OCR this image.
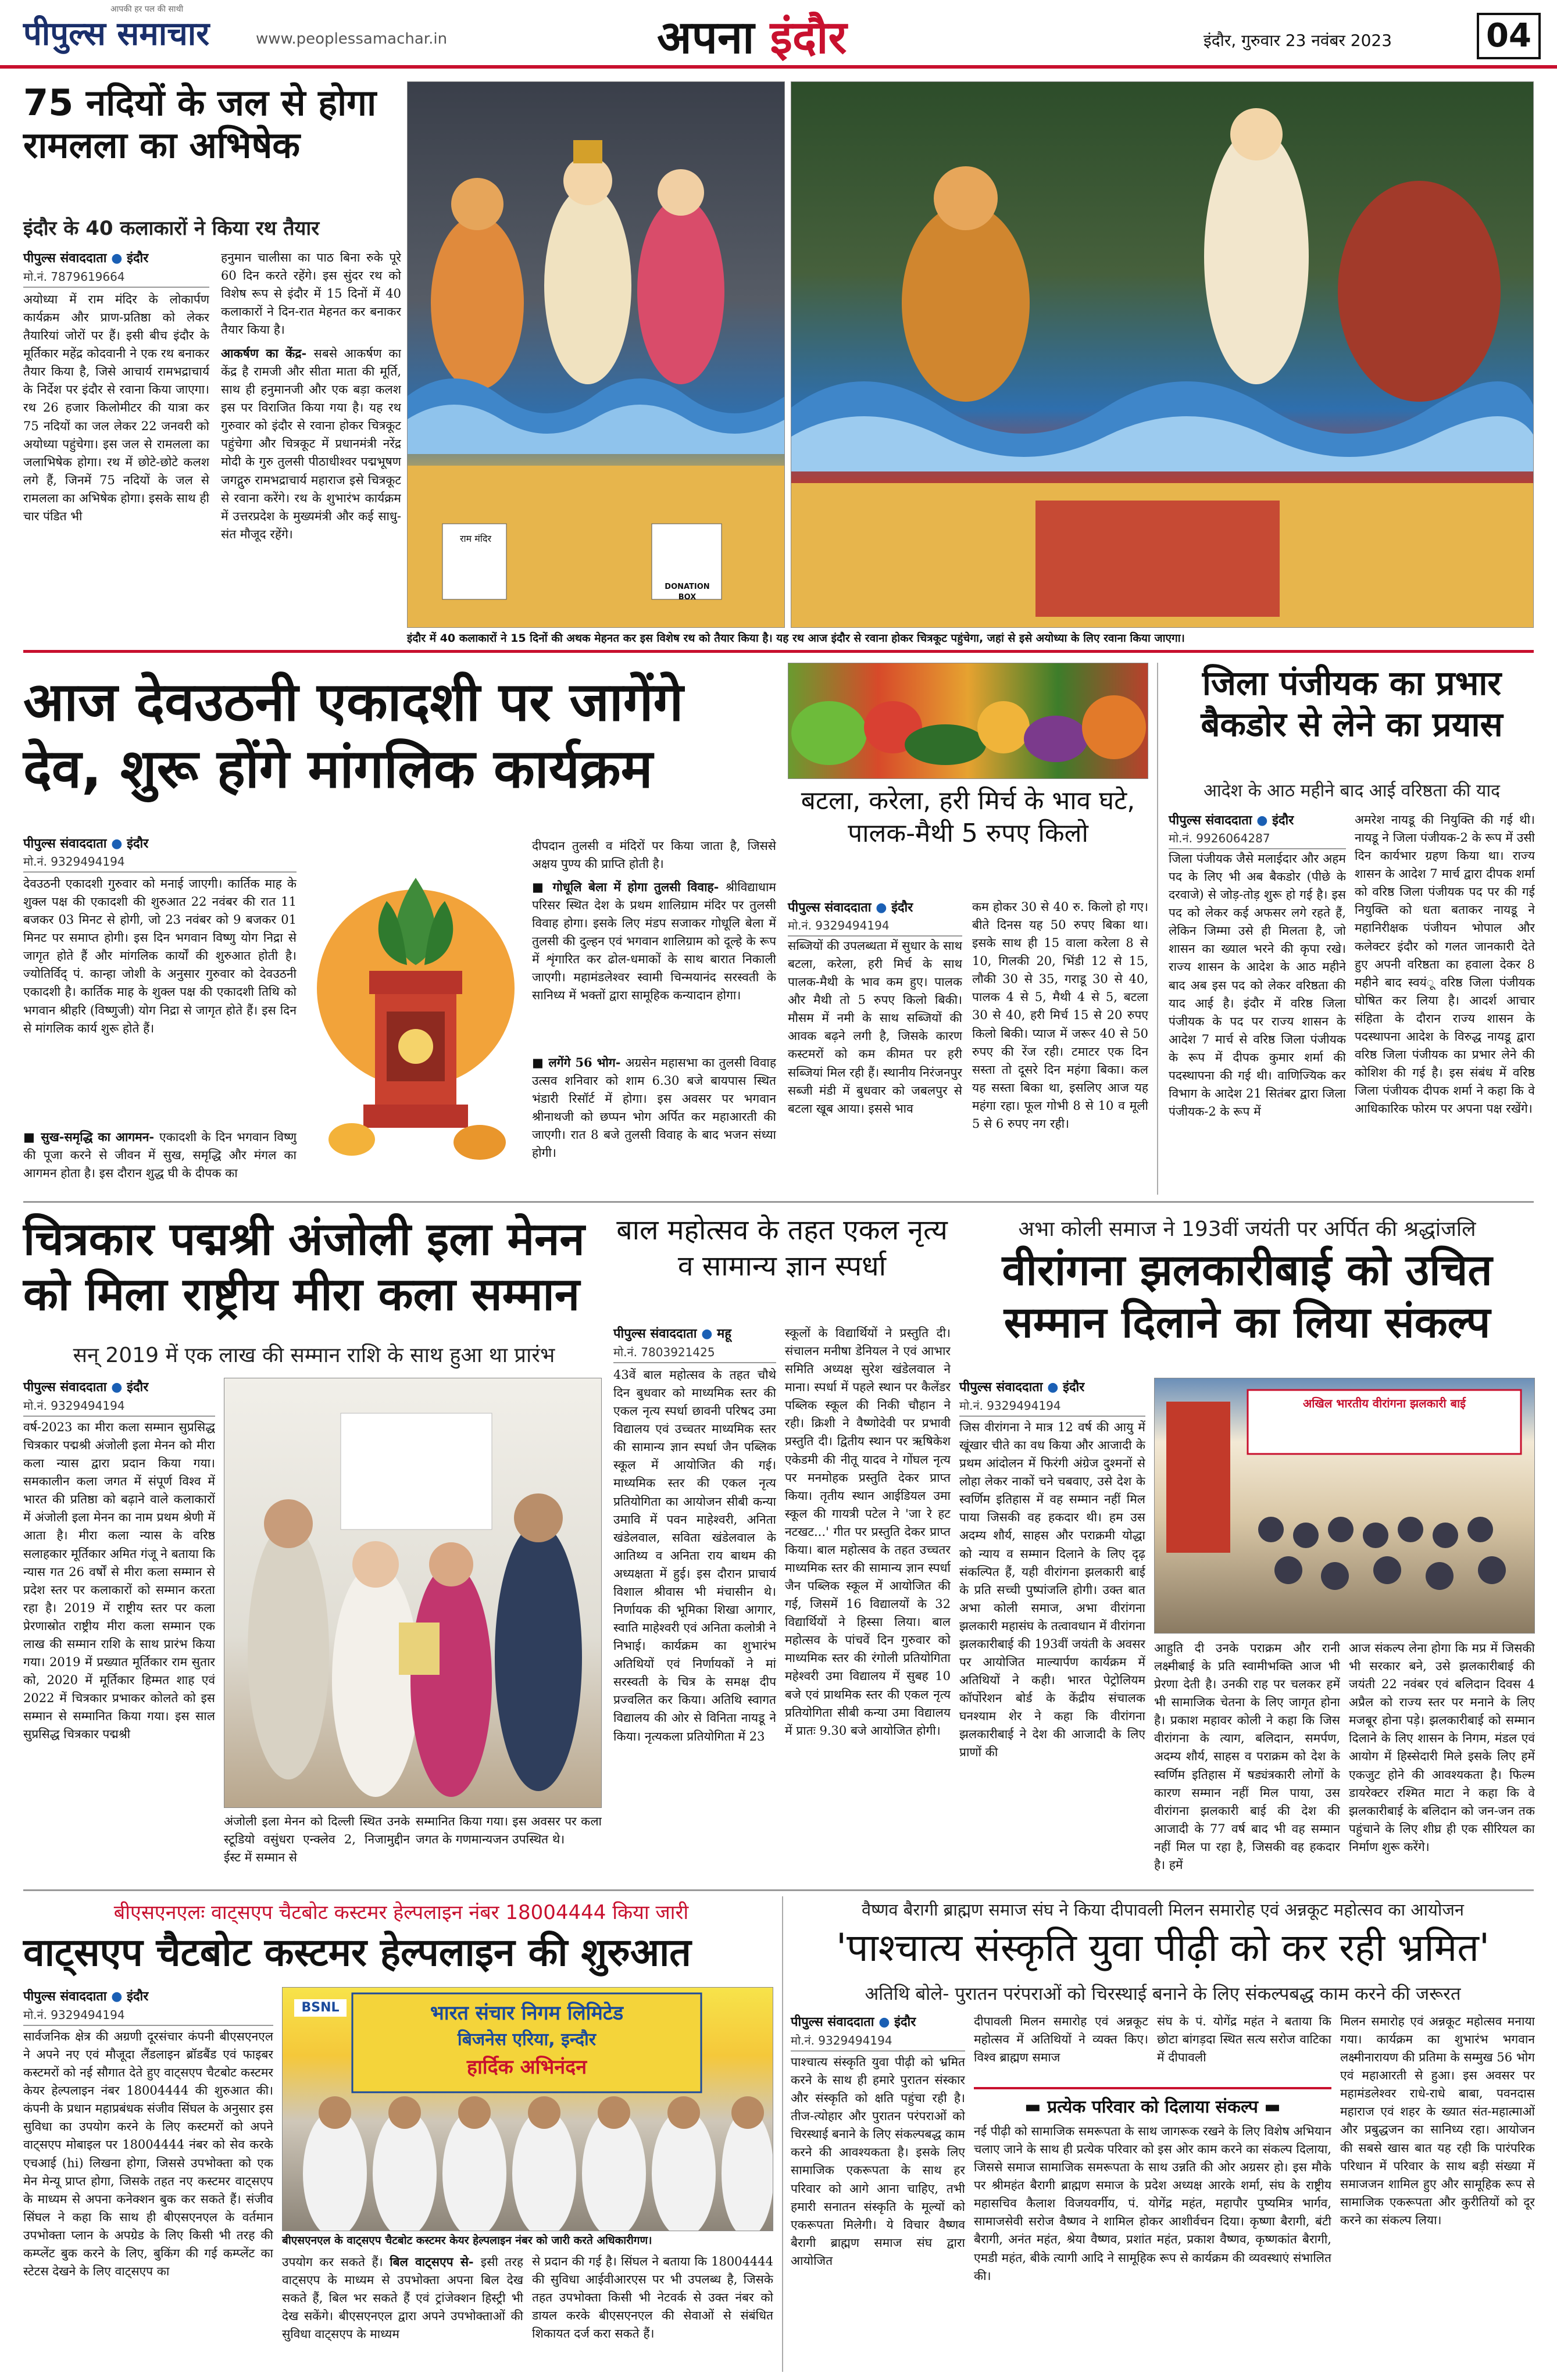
पीपुल्स समाचार
आपकी हर पल की साथी
www.peoplessamachar.in	अपना इंदौर	इंदौर, गुरुवार 23 नवंबर 2023	04
75 नदियों के जल से होगा रामलला का अभिषेक
इंदौर के 40 कलाकारों ने किया रथ तैयार
पीपुल्स संवाददाता ● इंदौर
मो.नं. 7879619664
अयोध्या में राम मंदिर के लोकार्पण कार्यक्रम और प्राण-प्रतिष्ठा को लेकर तैयारियां जोरों पर हैं। इसी बीच इंदौर के मूर्तिकार महेंद्र कोदवानी ने एक रथ बनाकर तैयार किया है, जिसे आचार्य रामभद्राचार्य के निर्देश पर इंदौर से रवाना किया जाएगा। रथ 26 हजार किलोमीटर की यात्रा कर 75 नदियों का जल लेकर 22 जनवरी को अयोध्या पहुंचेगा। इस जल से रामलला का जलाभिषेक होगा। रथ में छोटे-छोटे कलश लगे हैं, जिनमें 75 नदियों के जल से रामलला का अभिषेक होगा। इसके साथ ही चार पंडित भी
हनुमान चालीसा का पाठ बिना रुके पूरे 60 दिन करते रहेंगे। इस सुंदर रथ को विशेष रूप से इंदौर में 15 दिनों में 40 कलाकारों ने दिन-रात मेहनत कर बनाकर तैयार किया है।
आकर्षण का केंद्र- सबसे आकर्षण का केंद्र है रामजी और सीता माता की मूर्ति, साथ ही हनुमानजी और एक बड़ा कलश इस पर विराजित किया गया है। यह रथ गुरुवार को इंदौर से रवाना होकर चित्रकूट पहुंचेगा और चित्रकूट में प्रधानमंत्री नरेंद्र मोदी के गुरु तुलसी पीठाधीश्वर पद्मभूषण जगद्गुरु रामभद्राचार्य महाराज इसे चित्रकूट से रवाना करेंगे। रथ के शुभारंभ कार्यक्रम में उत्तरप्रदेश के मुख्यमंत्री और कई साधु-संत मौजूद रहेंगे।	राम मंदिर
DONATION BOX
इंदौर में 40 कलाकारों ने 15 दिनों की अथक मेहनत कर इस विशेष रथ को तैयार किया है। यह रथ आज इंदौर से रवाना होकर चित्रकूट पहुंचेगा, जहां से इसे अयोध्या के लिए रवाना किया जाएगा।
आज देवउठनी एकादशी पर जागेंगे देव, शुरू होंगे मांगलिक कार्यक्रम
पीपुल्स संवाददाता ● इंदौर
मो.नं. 9329494194
देवउठनी एकादशी गुरुवार को मनाई जाएगी। कार्तिक माह के शुक्ल पक्ष की एकादशी की शुरुआत 22 नवंबर की रात 11 बजकर 03 मिनट से होगी, जो 23 नवंबर को 9 बजकर 01 मिनट पर समाप्त होगी। इस दिन भगवान विष्णु योग निद्रा से जागृत होते हैं और मांगलिक कार्यों की शुरुआत होती है। ज्योतिर्विद् पं. कान्हा जोशी के अनुसार गुरुवार को देवउठनी एकादशी है। कार्तिक माह के शुक्ल पक्ष की एकादशी तिथि को भगवान श्रीहरि (विष्णुजी) योग निद्रा से जागृत होते हैं। इस दिन से मांगलिक कार्य शुरू होते हैं।
■ सुख-समृद्धि का आगमन- एकादशी के दिन भगवान विष्णु की पूजा करने से जीवन में सुख, समृद्धि और मंगल का आगमन होता है। इस दौरान शुद्ध घी के दीपक का
दीपदान तुलसी व मंदिरों पर किया जाता है, जिससे अक्षय पुण्य की प्राप्ति होती है।
■ गोधूलि बेला में होगा तुलसी विवाह- श्रीविद्याधाम परिसर स्थित देश के प्रथम शालिग्राम मंदिर पर तुलसी विवाह होगा। इसके लिए मंडप सजाकर गोधूलि बेला में तुलसी की दुल्हन एवं भगवान शालिग्राम को दूल्हे के रूप में शृंगारित कर ढोल-धमाकों के साथ बारात निकाली जाएगी। महामंडलेश्वर स्वामी चिन्मयानंद सरस्वती के सानिध्य में भक्तों द्वारा सामूहिक कन्यादान होगा।
■ लगेंगे 56 भोग- अग्रसेन महासभा का तुलसी विवाह उत्सव शनिवार को शाम 6.30 बजे बायपास स्थित भंडारी रिसॉर्ट में होगा। इस अवसर पर भगवान श्रीनाथजी को छप्पन भोग अर्पित कर महाआरती की जाएगी। रात 8 बजे तुलसी विवाह के बाद भजन संध्या होगी।
बटला, करेला, हरी मिर्च के भाव घटे, पालक-मैथी 5 रुपए किलो
पीपुल्स संवाददाता ● इंदौर
मो.नं. 9329494194
सब्जियों की उपलब्धता में सुधार के साथ बटला, करेला, हरी मिर्च के साथ पालक-मैथी के भाव कम हुए। पालक और मैथी तो 5 रुपए किलो बिकी। मौसम में नमी के साथ सब्जियों की आवक बढ़ने लगी है, जिसके कारण कस्टमरों को कम कीमत पर हरी सब्जियां मिल रही हैं। स्थानीय निरंजनपुर सब्जी मंडी में बुधवार को जबलपुर से बटला खूब आया। इससे भाव
कम होकर 30 से 40 रु. किलो हो गए। बीते दिनस यह 50 रुपए बिका था। इसके साथ ही 15 वाला करेला 8 से 10, गिलकी 20, भिंडी 12 से 15, लौकी 30 से 35, गराडू 30 से 40, पालक 4 से 5, मैथी 4 से 5, बटला 30 से 40, हरी मिर्च 15 से 20 रुपए किलो बिकी। प्याज में जरूर 40 से 50 रुपए की रेंज रही। टमाटर एक दिन सस्ता तो दूसरे दिन महंगा बिका। कल यह सस्ता बिका था, इसलिए आज यह महंगा रहा। फूल गोभी 8 से 10 व मूली 5 से 6 रुपए नग रही।
जिला पंजीयक का प्रभार बैकडोर से लेने का प्रयास
आदेश के आठ महीने बाद आई वरिष्ठता की याद
पीपुल्स संवाददाता ● इंदौर
मो.नं. 9926064287
जिला पंजीयक जैसे मलाईदार और अहम पद के लिए भी अब बैकडोर (पीछे के दरवाजे) से जोड़-तोड़ शुरू हो गई है। इस पद को लेकर कई अफसर लगे रहते हैं, लेकिन जिम्मा उसे ही मिलता है, जो शासन का ख्याल भरने की कृपा रखे। राज्य शासन के आदेश के आठ महीने बाद अब इस पद को लेकर वरिष्ठता की याद आई है। इंदौर में वरिष्ठ जिला पंजीयक के पद पर राज्य शासन के आदेश 7 मार्च से वरिष्ठ जिला पंजीयक के रूप में दीपक कुमार शर्मा की पदस्थापना की गई थी। वाणिज्यिक कर विभाग के आदेश 21 सितंबर द्वारा जिला पंजीयक-2 के रूप में
अमरेश नायडू की नियुक्ति की गई थी। नायडू ने जिला पंजीयक-2 के रूप में उसी दिन कार्यभार ग्रहण किया था। राज्य शासन के आदेश 7 मार्च द्वारा दीपक शर्मा को वरिष्ठ जिला पंजीयक पद पर की गई नियुक्ति को धता बताकर नायडू ने महानिरीक्षक पंजीयन भोपाल और कलेक्टर इंदौर को गलत जानकारी देते हुए अपनी वरिष्ठता का हवाला देकर 8 महीने बाद स्वयं‍ू वरिष्ठ जिला पंजीयक घोषित कर लिया है। आदर्श आचार संहिता के दौरान राज्य शासन के पदस्थापना आदेश के विरुद्ध नायडू द्वारा वरिष्ठ जिला पंजीयक का प्रभार लेने की कोशिश की गई है। इस संबंध में वरिष्ठ जिला पंजीयक दीपक शर्मा ने कहा कि वे आधिकारिक फोरम पर अपना पक्ष रखेंगे।
चित्रकार पद्मश्री अंजोली इला मेनन को मिला राष्ट्रीय मीरा कला सम्मान
सन् 2019 में एक लाख की सम्मान राशि के साथ हुआ था प्रारंभ
पीपुल्स संवाददाता ● इंदौर
मो.नं. 9329494194
वर्ष-2023 का मीरा कला सम्मान सुप्रसिद्ध चित्रकार पद्मश्री अंजोली इला मेनन को मीरा कला न्यास द्वारा प्रदान किया गया। समकालीन कला जगत में संपूर्ण विश्व में भारत की प्रतिष्ठा को बढ़ाने वाले कलाकारों में अंजोली इला मेनन का नाम प्रथम श्रेणी में आता है। मीरा कला न्यास के वरिष्ठ सलाहकार मूर्तिकार अमित गंजू ने बताया कि न्यास गत 26 वर्षों से मीरा कला सम्मान से प्रदेश स्तर पर कलाकारों को सम्मान करता रहा है। 2019 में राष्ट्रीय स्तर पर कला प्रेरणास्रोत राष्ट्रीय मीरा कला सम्मान एक लाख की सम्मान राशि के साथ प्रारंभ किया गया। 2019 में प्रख्यात मूर्तिकार राम सुतार को, 2020 में मूर्तिकार हिम्मत शाह एवं 2022 में चित्रकार प्रभाकर कोलते को इस सम्मान से सम्मानित किया गया। इस साल सुप्रसिद्ध चित्रकार पद्मश्री
अंजोली इला मेनन को दिल्ली स्थित उनके स्टूडियो वसुंधरा एन्क्लेव 2, निजामुद्दीन ईस्ट में सम्मान से
सम्मानित किया गया। इस अवसर पर कला जगत के गणमान्यजन उपस्थित थे।
बाल महोत्सव के तहत एकल नृत्य व सामान्य ज्ञान स्पर्धा
पीपुल्स संवाददाता ● महू
मो.नं. 7803921425
43वें बाल महोत्सव के तहत चौथे दिन बुधवार को माध्यमिक स्तर की एकल नृत्य स्पर्धा छावनी परिषद उमा विद्यालय एवं उच्चतर माध्यमिक स्तर की सामान्य ज्ञान स्पर्धा जैन पब्लिक स्कूल में आयोजित की गई। माध्यमिक स्तर की एकल नृत्य प्रतियोगिता का आयोजन सीबी कन्या उमावि में पवन माहेश्वरी, अनिता खंडेलवाल, सविता खंडेलवाल के आतिथ्य व अनिता राय बाथम की अध्यक्षता में हुई। इस दौरान प्राचार्य विशाल श्रीवास भी मंचासीन थे। निर्णायक की भूमिका शिखा आगार, स्वाति माहेश्वरी एवं अनिता कलोत्री ने निभाई। कार्यक्रम का शुभारंभ अतिथियों एवं निर्णायकों ने मां सरस्वती के चित्र के समक्ष दीप प्रज्वलित कर किया। अतिथि स्वागत विद्यालय की ओर से विनिता नायडू ने किया। नृत्यकला प्रतियोगिता में 23
स्कूलों के विद्यार्थियों ने प्रस्तुति दी। संचालन मनीषा डेनियल ने एवं आभार समिति अध्यक्ष सुरेश खंडेलवाल ने माना। स्पर्धा में पहले स्थान पर कैलेंडर पब्लिक स्कूल की निकी चौहान ने रही। क्रिशी ने वैष्णोदेवी पर प्रभावी प्रस्तुति दी। द्वितीय स्थान पर ऋषिकेश एकेडमी की नीतू यादव ने गोंघल नृत्य पर मनमोहक प्रस्तुति देकर प्राप्त किया। तृतीय स्थान आईडियल उमा स्कूल की गायत्री पटेल ने 'जा रे हट नटखट...' गीत पर प्रस्तुति देकर प्राप्त किया। बाल महोत्सव के तहत उच्चतर माध्यमिक स्तर की सामान्य ज्ञान स्पर्धा जैन पब्लिक स्कूल में आयोजित की गई, जिसमें 16 विद्यालयों के 32 विद्यार्थियों ने हिस्सा लिया। बाल महोत्सव के पांचवें दिन गुरुवार को माध्यमिक स्तर की रंगोली प्रतियोगिता महेश्वरी उमा विद्यालय में सुबह 10 बजे एवं प्राथमिक स्तर की एकल नृत्य प्रतियोगिता सीबी कन्या उमा विद्यालय में प्रातः 9.30 बजे आयोजित होगी।
अभा कोली समाज ने 193वीं जयंती पर अर्पित की श्रद्धांजलि
वीरांगना झलकारीबाई को उचित सम्मान दिलाने का लिया संकल्प
पीपुल्स संवाददाता ● इंदौर
मो.नं. 9329494194
जिस वीरांगना ने मात्र 12 वर्ष की आयु में खूंखार चीते का वध किया और आजादी के प्रथम आंदोलन में फिरंगी अंग्रेज दुश्मनों से लोहा लेकर नाकों चने चबवाए, उसे देश के स्वर्णिम इतिहास में वह सम्मान नहीं मिल पाया जिसकी वह हकदार थी। हम उस अदम्य शौर्य, साहस और पराक्रमी योद्धा को न्याय व सम्मान दिलाने के लिए दृढ़ संकल्पित हैं, यही वीरांगना झलकारी बाई के प्रति सच्ची पुष्पांजलि होगी। उक्त बात अभा कोली समाज, अभा वीरांगना झलकारी महासंघ के तत्वावधान में वीरांगना झलकारीबाई की 193वीं जयंती के अवसर पर आयोजित माल्यार्पण कार्यक्रम में अतिथियों ने कही। भारत पेट्रोलियम कॉर्पोरेशन बोर्ड के केंद्रीय संचालक घनश्याम शेर ने कहा कि वीरांगना झलकारीबाई ने देश की आजादी के लिए प्राणों की
अखिल भारतीय वीरांगना झलकारी बाई
आहुति दी उनके पराक्रम और रानी लक्ष्मीबाई के प्रति स्वामीभक्ति आज भी प्रेरणा देती है। उनकी राह पर चलकर हमें भी सामाजिक चेतना के लिए जागृत होना है। प्रकाश महावर कोली ने कहा कि जिस वीरांगना के त्याग, बलिदान, समर्पण, अदम्य शौर्य, साहस व पराक्रम को देश के स्वर्णिम इतिहास में षड्यंत्रकारी लोगों के कारण सम्मान नहीं मिल पाया, उस वीरांगना झलकारी बाई की देश की आजादी के 77 वर्ष बाद भी वह सम्मान नहीं मिल पा रहा है, जिसकी वह हकदार है। हमें
आज संकल्प लेना होगा कि मप्र में जिसकी भी सरकार बने, उसे झलकारीबाई की जयंती 22 नवंबर एवं बलिदान दिवस 4 अप्रैल को राज्य स्तर पर मनाने के लिए मजबूर होना पड़े। झलकारीबाई को सम्मान दिलाने के लिए शासन के निगम, मंडल एवं आयोग में हिस्सेदारी मिले इसके लिए हमें एकजुट होने की आवश्यकता है। फिल्म डायरेक्टर रश्मित माटा ने कहा कि वे झलकारीबाई के बलिदान को जन-जन तक पहुंचाने के लिए शीघ्र ही एक सीरियल का निर्माण शुरू करेंगे।
बीएसएनएलः वाट्सएप चैटबोट कस्टमर हेल्पलाइन नंबर 18004444 किया जारी
वाट्सएप चैटबोट कस्टमर हेल्पलाइन की शुरुआत
पीपुल्स संवाददाता ● इंदौर
मो.नं. 9329494194
सार्वजनिक क्षेत्र की अग्रणी दूरसंचार कंपनी बीएसएनएल ने अपने नए एवं मौजूदा लैंडलाइन ब्रॉडबैंड एवं फाइबर कस्टमरों को नई सौगात देते हुए वाट्सएप चैटबोट कस्टमर केयर हेल्पलाइन नंबर 18004444 की शुरुआत की। कंपनी के प्रधान महाप्रबंधक संजीव सिंघल के अनुसार इस सुविधा का उपयोग करने के लिए कस्टमरों को अपने वाट्सएप मोबाइल पर 18004444 नंबर को सेव करके एचआई (hi) लिखना होगा, जिससे उपभोक्ता को एक मेन मेन्यू प्राप्त होगा, जिसके तहत नए कस्टमर वाट्सएप के माध्यम से अपना कनेक्शन बुक कर सकते हैं। संजीव सिंघल ने कहा कि साथ ही बीएसएनएल के वर्तमान उपभोक्ता प्लान के अपग्रेड के लिए किसी भी तरह की कम्प्लेंट बुक करने के लिए, बुकिंग की गई कम्प्लेंट का स्टेटस देखने के लिए वाट्सएप का
BSNL	भारत संचार निगम लिमिटेड
बिजनेस एरिया, इन्दौर
हार्दिक अभिनंदन
बीएसएनएल के वाट्सएप चैटबोट कस्टमर केयर हेल्पलाइन नंबर को जारी करते अधिकारीगण।
उपयोग कर सकते हैं। बिल वाट्सएप से- इसी तरह वाट्सएप के माध्यम से उपभोक्ता अपना बिल देख सकते हैं, बिल भर सकते हैं एवं ट्रांजेक्शन हिस्ट्री भी देख सकेंगे। बीएसएनएल द्वारा अपने उपभोक्ताओं की सुविधा वाट्सएप के माध्यम
से प्रदान की गई है। सिंघल ने बताया कि 18004444 की सुविधा आईवीआरएस पर भी उपलब्ध है, जिसके तहत उपभोक्ता किसी भी नेटवर्क से उक्त नंबर को डायल करके बीएसएनएल की सेवाओं से संबंधित शिकायत दर्ज करा सकते हैं।
वैष्णव बैरागी ब्राह्मण समाज संघ ने किया दीपावली मिलन समारोह एवं अन्नकूट महोत्सव का आयोजन
'पाश्चात्य संस्कृति युवा पीढ़ी को कर रही भ्रमित'
अतिथि बोले- पुरातन परंपराओं को चिरस्थाई बनाने के लिए संकल्पबद्ध काम करने की जरूरत
पीपुल्स संवाददाता ● इंदौर
मो.नं. 9329494194
पाश्चात्य संस्कृति युवा पीढ़ी को भ्रमित करने के साथ ही हमारे पुरातन संस्कार और संस्कृति को क्षति पहुंचा रही है। तीज-त्योहार और पुरातन परंपराओं को चिरस्थाई बनाने के लिए संकल्पबद्ध काम करने की आवश्यकता है। इसके लिए सामाजिक एकरूपता के साथ हर परिवार को आगे आना चाहिए, तभी हमारी सनातन संस्कृति के मूल्यों को एकरूपता मिलेगी। ये विचार वैष्णव बैरागी ब्राह्मण समाज संघ द्वारा आयोजित
दीपावली मिलन समारोह एवं अन्नकूट महोत्सव में अतिथियों ने व्यक्त किए। विश्व ब्राह्मण समाज
संघ के पं. योगेंद्र महंत ने बताया कि छोटा बांगड़दा स्थित सत्य सरोज वाटिका में दीपावली
▬ प्रत्येक परिवार को दिलाया संकल्प ▬
नई पीढ़ी को सामाजिक समरूपता के साथ जागरूक रखने के लिए विशेष अभियान चलाए जाने के साथ ही प्रत्येक परिवार को इस ओर काम करने का संकल्प दिलाया, जिससे समाज सामाजिक समरूपता के साथ उन्नति की ओर अग्रसर हो। इस मौके पर श्रीमहंत बैरागी ब्राह्मण समाज के प्रदेश अध्यक्ष आरके शर्मा, संघ के राष्ट्रीय महासचिव कैलाश विजयवर्गीय, पं. योगेंद्र महंत, महापौर पुष्यमित्र भार्गव, सामाजसेवी सरोज वैष्णव ने शामिल होकर आशीर्वचन दिया। कृष्णा बैरागी, बंटी बैरागी, अनंत महंत, श्रेया वैष्णव, प्रशांत महंत, प्रकाश वैष्णव, कृष्णकांत बैरागी, एमडी महंत, बीके त्यागी आदि ने सामूहिक रूप से कार्यक्रम की व्यवस्थाएं संभालित की।
मिलन समारोह एवं अन्नकूट महोत्सव मनाया गया। कार्यक्रम का शुभारंभ भगवान लक्ष्मीनारायण की प्रतिमा के सम्मुख 56 भोग एवं महाआरती से हुआ। इस अवसर पर महामंडलेश्वर राधे-राधे बाबा, पवनदास महाराज एवं शहर के ख्यात संत-महात्माओं और प्रबुद्धजन का सानिध्य रहा। आयोजन की सबसे खास बात यह रही कि पारंपरिक परिधान में परिवार के साथ बड़ी संख्या में समाजजन शामिल हुए और सामूहिक रूप से सामाजिक एकरूपता और कुरीतियों को दूर करने का संकल्प लिया।
